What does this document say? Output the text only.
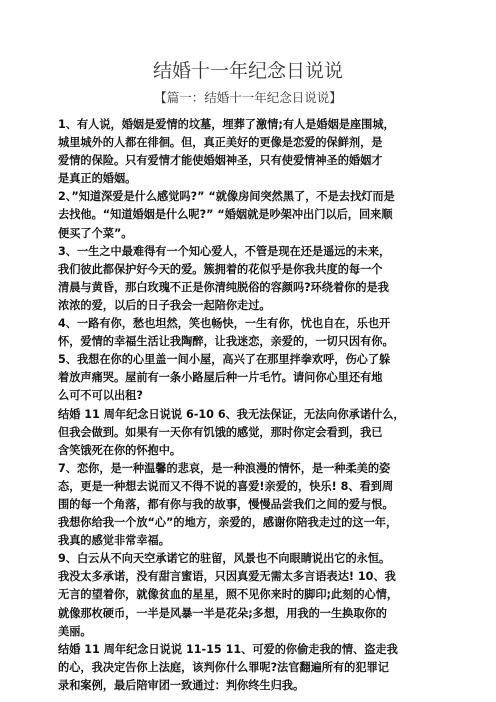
结婚十一年纪念日说说
【篇一：结婚十一年纪念日说说】
1、有人说，婚姻是爱情的坟墓，埋葬了激情;有人是婚姻是座围城，
城里城外的人都在徘徊。但，真正美好的更像是恋爱的保鲜剂，是
爱情的保险。只有爱情才能使婚姻神圣，只有使爱情神圣的婚姻才
是真正的婚姻。
2、”知道深爱是什么感觉吗?” “就像房间突然黑了，不是去找灯而是
去找他。“知道婚姻是什么呢?” “婚姻就是吵架冲出门以后，回来顺
便买了个菜”。
3、一生之中最难得有一个知心爱人，不管是现在还是遥远的未来，
我们彼此都保护好今天的爱。簇拥着的花似乎是你我共度的每一个
清晨与黄昏，那白玫瑰不正是你清纯脱俗的容颜吗?环绕着你的是我
浓浓的爱，以后的日子我会一起陪你走过。
4、一路有你，愁也坦然，笑也畅快，一生有你，忧也自在，乐也开
怀，爱情的幸福生活让我陶醉，让我迷恋，亲爱的，一切只因有你。
5、我想在你的心里盖一间小屋，高兴了在那里拌拳欢呼，伤心了躲
着放声痛哭。屋前有一条小路屋后种一片毛竹。请问你心里还有地
么可不可以出租?
结婚 11 周年纪念日说说 6-10 6、我无法保证，无法向你承诺什么，
但我会做到。如果有一天你有饥饿的感觉，那时你定会看到，我已
含笑饿死在你的怀抱中。
7、恋你，是一种温馨的悲哀，是一种浪漫的情怀，是一种柔美的姿
态，更是一种想去说而又不得不说的喜爱!亲爱的，快乐! 8、看到周
围的每一个角落，都有你与我的故事，慢慢品尝我们之间的爱与恨。
我想你给我一个放“心”的地方，亲爱的，感谢你陪我走过的这一年，
我真的感觉非常幸福。
9、白云从不向天空承诺它的驻留，风景也不向眼睛说出它的永恒。
我没太多承诺，没有甜言蜜语，只因真爱无需太多言语表达! 10、我
无言的望着你，就像贫血的星星，照不见你来时的脚印;此刻的心情，
就像那枚硬币，一半是风暴一半是花朵;多想，用我的一生换取你的
美丽。
结婚 11 周年纪念日说说 11-15 11、可爱的你偷走我的情、盗走我
的心，我决定告你上法庭，该判你什么罪呢?法官翻遍所有的犯罪记
录和案例，最后陪审团一致通过：判你终生归我。
